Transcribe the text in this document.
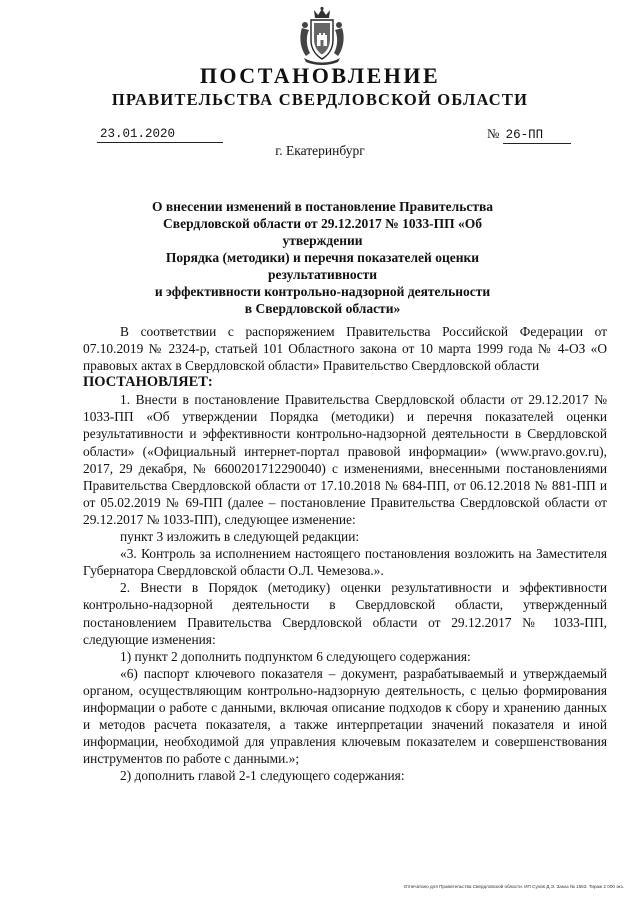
ПОСТАНОВЛЕНИЕ
ПРАВИТЕЛЬСТВА СВЕРДЛОВСКОЙ ОБЛАСТИ
23.01.2020	№ 26-ПП
г. Екатеринбург
О внесении изменений в постановление Правительства
Свердловской области от 29.12.2017 № 1033-ПП «Об утверждении
Порядка (методики) и перечня показателей оценки результативности
и эффективности контрольно-надзорной деятельности
в Свердловской области»

В соответствии с распоряжением Правительства Российской Федерации от 07.10.2019 № 2324-р, статьей 101 Областного закона от 10 марта 1999 года № 4-ОЗ «О правовых актах в Свердловской области» Правительство Свердловской области

ПОСТАНОВЛЯЕТ:

1. Внести в постановление Правительства Свердловской области от 29.12.2017 № 1033-ПП «Об утверждении Порядка (методики) и перечня показателей оценки результативности и эффективности контрольно-надзорной деятельности в Свердловской области» («Официальный интернет-портал правовой информации» (www.pravo.gov.ru), 2017, 29 декабря, № 6600201712290040) с изменениями, внесенными постановлениями Правительства Свердловской области от 17.10.2018 № 684-ПП, от 06.12.2018 № 881-ПП и от 05.02.2019 № 69-ПП (далее – постановление Правительства Свердловской области от 29.12.2017 № 1033-ПП), следующее изменение:

пункт 3 изложить в следующей редакции:

«3. Контроль за исполнением настоящего постановления возложить на Заместителя Губернатора Свердловской области О.Л. Чемезова.».

2. Внести в Порядок (методику) оценки результативности и эффективности контрольно-надзорной деятельности в Свердловской области, утвержденный постановлением Правительства Свердловской области от 29.12.2017 № 1033-ПП, следующие изменения:

1) пункт 2 дополнить подпунктом 6 следующего содержания:

«6) паспорт ключевого показателя – документ, разрабатываемый и утверждаемый органом, осуществляющим контрольно-надзорную деятельность, с целью формирования информации о работе с данными, включая описание подходов к сбору и хранению данных и методов расчета показателя, а также интерпретации значений показателя и иной информации, необходимой для управления ключевым показателем и совершенствования инструментов по работе с данными.»;

2) дополнить главой 2-1 следующего содержания:

Отпечатано для Правительства Свердловской области. ИП Сухов Д.Э. Заказ № 1563. Тираж 2 000 экз.
